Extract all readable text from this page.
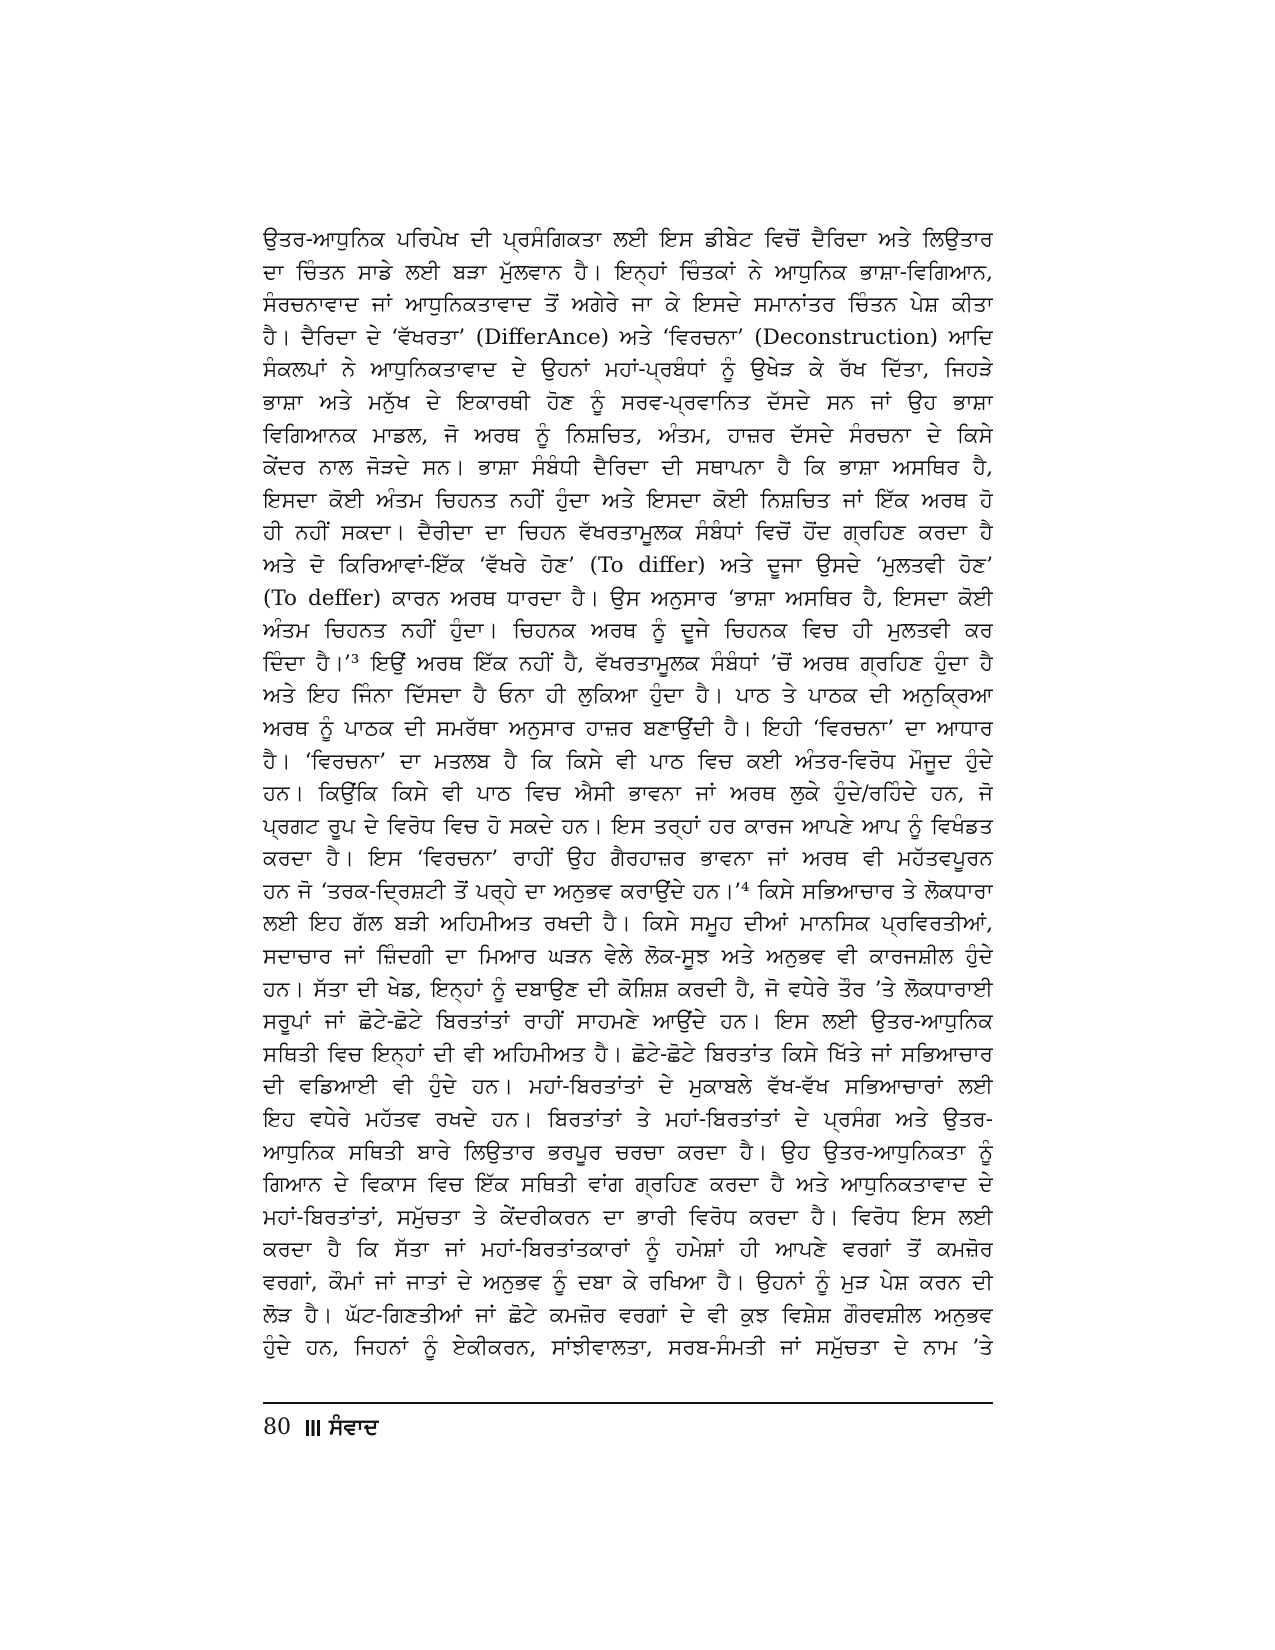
ਉਤਰ-ਆਧੁਨਿਕ ਪਰਿਪੇਖ ਦੀ ਪ੍ਰਸੰਗਿਕਤਾ ਲਈ ਇਸ ਡੀਬੇਟ ਵਿਚੋਂ ਦੈਰਿਦਾ ਅਤੇ ਲਿਉਤਾਰ
ਦਾ ਚਿੰਤਨ ਸਾਡੇ ਲਈ ਬੜਾ ਮੁੱਲਵਾਨ ਹੈ। ਇਨ੍ਹਾਂ ਚਿੰਤਕਾਂ ਨੇ ਆਧੁਨਿਕ ਭਾਸ਼ਾ-ਵਿਗਿਆਨ,
ਸੰਰਚਨਾਵਾਦ ਜਾਂ ਆਧੁਨਿਕਤਾਵਾਦ ਤੋਂ ਅਗੇਰੇ ਜਾ ਕੇ ਇਸਦੇ ਸਮਾਨਾਂਤਰ ਚਿੰਤਨ ਪੇਸ਼ ਕੀਤਾ
ਹੈ। ਦੈਰਿਦਾ ਦੇ ‘ਵੱਖਰਤਾ’ (DifferAnce) ਅਤੇ ‘ਵਿਰਚਨਾ’ (Deconstruction) ਆਦਿ
ਸੰਕਲਪਾਂ ਨੇ ਆਧੁਨਿਕਤਾਵਾਦ ਦੇ ਉਹਨਾਂ ਮਹਾਂ-ਪ੍ਰਬੰਧਾਂ ਨੂੰ ਉਖੇੜ ਕੇ ਰੱਖ ਦਿੱਤਾ, ਜਿਹੜੇ
ਭਾਸ਼ਾ ਅਤੇ ਮਨੁੱਖ ਦੇ ਇਕਾਰਥੀ ਹੋਣ ਨੂੰ ਸਰਵ-ਪ੍ਰਵਾਨਿਤ ਦੱਸਦੇ ਸਨ ਜਾਂ ਉਹ ਭਾਸ਼ਾ
ਵਿਗਿਆਨਕ ਮਾਡਲ, ਜੋ ਅਰਥ ਨੂੰ ਨਿਸ਼ਚਿਤ, ਅੰਤਮ, ਹਾਜ਼ਰ ਦੱਸਦੇ ਸੰਰਚਨਾ ਦੇ ਕਿਸੇ
ਕੇਂਦਰ ਨਾਲ ਜੋੜਦੇ ਸਨ। ਭਾਸ਼ਾ ਸੰਬੰਧੀ ਦੈਰਿਦਾ ਦੀ ਸਥਾਪਨਾ ਹੈ ਕਿ ਭਾਸ਼ਾ ਅਸਥਿਰ ਹੈ,
ਇਸਦਾ ਕੋਈ ਅੰਤਮ ਚਿਹਨਤ ਨਹੀਂ ਹੁੰਦਾ ਅਤੇ ਇਸਦਾ ਕੋਈ ਨਿਸ਼ਚਿਤ ਜਾਂ ਇੱਕ ਅਰਥ ਹੋ
ਹੀ ਨਹੀਂ ਸਕਦਾ। ਦੈਰੀਦਾ ਦਾ ਚਿਹਨ ਵੱਖਰਤਾਮੂਲਕ ਸੰਬੰਧਾਂ ਵਿਚੋਂ ਹੋਂਦ ਗ੍ਰਹਿਣ ਕਰਦਾ ਹੈ
ਅਤੇ ਦੋ ਕਿਰਿਆਵਾਂ-ਇੱਕ ‘ਵੱਖਰੇ ਹੋਣ’ (To differ) ਅਤੇ ਦੂਜਾ ਉਸਦੇ ‘ਮੁਲਤਵੀ ਹੋਣ’
(To deffer) ਕਾਰਨ ਅਰਥ ਧਾਰਦਾ ਹੈ। ਉਸ ਅਨੁਸਾਰ ‘ਭਾਸ਼ਾ ਅਸਥਿਰ ਹੈ, ਇਸਦਾ ਕੋਈ
ਅੰਤਮ ਚਿਹਨਤ ਨਹੀਂ ਹੁੰਦਾ। ਚਿਹਨਕ ਅਰਥ ਨੂੰ ਦੂਜੇ ਚਿਹਨਕ ਵਿਚ ਹੀ ਮੁਲਤਵੀ ਕਰ
ਦਿੰਦਾ ਹੈ।’³ ਇਉਂ ਅਰਥ ਇੱਕ ਨਹੀਂ ਹੈ, ਵੱਖਰਤਾਮੂਲਕ ਸੰਬੰਧਾਂ ’ਚੋਂ ਅਰਥ ਗ੍ਰਹਿਣ ਹੁੰਦਾ ਹੈ
ਅਤੇ ਇਹ ਜਿੰਨਾ ਦਿੱਸਦਾ ਹੈ ਓਨਾ ਹੀ ਲੁਕਿਆ ਹੁੰਦਾ ਹੈ। ਪਾਠ ਤੇ ਪਾਠਕ ਦੀ ਅਨੁਕ੍ਰਿਆ
ਅਰਥ ਨੂੰ ਪਾਠਕ ਦੀ ਸਮਰੱਥਾ ਅਨੁਸਾਰ ਹਾਜ਼ਰ ਬਣਾਉਂਦੀ ਹੈ। ਇਹੀ ‘ਵਿਰਚਨਾ’ ਦਾ ਆਧਾਰ
ਹੈ। ‘ਵਿਰਚਨਾ’ ਦਾ ਮਤਲਬ ਹੈ ਕਿ ਕਿਸੇ ਵੀ ਪਾਠ ਵਿਚ ਕਈ ਅੰਤਰ-ਵਿਰੋਧ ਮੌਜੂਦ ਹੁੰਦੇ
ਹਨ। ਕਿਉਂਕਿ ਕਿਸੇ ਵੀ ਪਾਠ ਵਿਚ ਐਸੀ ਭਾਵਨਾ ਜਾਂ ਅਰਥ ਲੁਕੇ ਹੁੰਦੇ/ਰਹਿੰਦੇ ਹਨ, ਜੋ
ਪ੍ਰਗਟ ਰੂਪ ਦੇ ਵਿਰੋਧ ਵਿਚ ਹੋ ਸਕਦੇ ਹਨ। ਇਸ ਤਰ੍ਹਾਂ ਹਰ ਕਾਰਜ ਆਪਣੇ ਆਪ ਨੂੰ ਵਿਖੰਡਤ
ਕਰਦਾ ਹੈ। ਇਸ ‘ਵਿਰਚਨਾ’ ਰਾਹੀਂ ਉਹ ਗੈਰਹਾਜ਼ਰ ਭਾਵਨਾ ਜਾਂ ਅਰਥ ਵੀ ਮਹੱਤਵਪੂਰਨ
ਹਨ ਜੋ ‘ਤਰਕ-ਦ੍ਰਿਸ਼ਟੀ ਤੋਂ ਪਰ੍ਹੇ ਦਾ ਅਨੁਭਵ ਕਰਾਉਂਦੇ ਹਨ।’⁴ ਕਿਸੇ ਸਭਿਆਚਾਰ ਤੇ ਲੋਕਧਾਰਾ
ਲਈ ਇਹ ਗੱਲ ਬੜੀ ਅਹਿਮੀਅਤ ਰਖਦੀ ਹੈ। ਕਿਸੇ ਸਮੂਹ ਦੀਆਂ ਮਾਨਸਿਕ ਪ੍ਰਵਿਰਤੀਆਂ,
ਸਦਾਚਾਰ ਜਾਂ ਜ਼ਿੰਦਗੀ ਦਾ ਮਿਆਰ ਘੜਨ ਵੇਲੇ ਲੋਕ-ਸੂਝ ਅਤੇ ਅਨੁਭਵ ਵੀ ਕਾਰਜਸ਼ੀਲ ਹੁੰਦੇ
ਹਨ। ਸੱਤਾ ਦੀ ਖੇਡ, ਇਨ੍ਹਾਂ ਨੂੰ ਦਬਾਉਣ ਦੀ ਕੋਸ਼ਿਸ਼ ਕਰਦੀ ਹੈ, ਜੋ ਵਧੇਰੇ ਤੌਰ ’ਤੇ ਲੋਕਧਾਰਾਈ
ਸਰੂਪਾਂ ਜਾਂ ਛੋਟੇ-ਛੋਟੇ ਬਿਰਤਾਂਤਾਂ ਰਾਹੀਂ ਸਾਹਮਣੇ ਆਉਂਦੇ ਹਨ। ਇਸ ਲਈ ਉਤਰ-ਆਧੁਨਿਕ
ਸਥਿਤੀ ਵਿਚ ਇਨ੍ਹਾਂ ਦੀ ਵੀ ਅਹਿਮੀਅਤ ਹੈ। ਛੋਟੇ-ਛੋਟੇ ਬਿਰਤਾਂਤ ਕਿਸੇ ਖਿੱਤੇ ਜਾਂ ਸਭਿਆਚਾਰ
ਦੀ ਵਡਿਆਈ ਵੀ ਹੁੰਦੇ ਹਨ। ਮਹਾਂ-ਬਿਰਤਾਂਤਾਂ ਦੇ ਮੁਕਾਬਲੇ ਵੱਖ-ਵੱਖ ਸਭਿਆਚਾਰਾਂ ਲਈ
ਇਹ ਵਧੇਰੇ ਮਹੱਤਵ ਰਖਦੇ ਹਨ। ਬਿਰਤਾਂਤਾਂ ਤੇ ਮਹਾਂ-ਬਿਰਤਾਂਤਾਂ ਦੇ ਪ੍ਰਸੰਗ ਅਤੇ ਉਤਰ-
ਆਧੁਨਿਕ ਸਥਿਤੀ ਬਾਰੇ ਲਿਉਤਾਰ ਭਰਪੂਰ ਚਰਚਾ ਕਰਦਾ ਹੈ। ਉਹ ਉਤਰ-ਆਧੁਨਿਕਤਾ ਨੂੰ
ਗਿਆਨ ਦੇ ਵਿਕਾਸ ਵਿਚ ਇੱਕ ਸਥਿਤੀ ਵਾਂਗ ਗ੍ਰਹਿਣ ਕਰਦਾ ਹੈ ਅਤੇ ਆਧੁਨਿਕਤਾਵਾਦ ਦੇ
ਮਹਾਂ-ਬਿਰਤਾਂਤਾਂ, ਸਮੁੱਚਤਾ ਤੇ ਕੇਂਦਰੀਕਰਨ ਦਾ ਭਾਰੀ ਵਿਰੋਧ ਕਰਦਾ ਹੈ। ਵਿਰੋਧ ਇਸ ਲਈ
ਕਰਦਾ ਹੈ ਕਿ ਸੱਤਾ ਜਾਂ ਮਹਾਂ-ਬਿਰਤਾਂਤਕਾਰਾਂ ਨੂੰ ਹਮੇਸ਼ਾਂ ਹੀ ਆਪਣੇ ਵਰਗਾਂ ਤੋਂ ਕਮਜ਼ੋਰ
ਵਰਗਾਂ, ਕੌਮਾਂ ਜਾਂ ਜਾਤਾਂ ਦੇ ਅਨੁਭਵ ਨੂੰ ਦਬਾ ਕੇ ਰਖਿਆ ਹੈ। ਉਹਨਾਂ ਨੂੰ ਮੁੜ ਪੇਸ਼ ਕਰਨ ਦੀ
ਲੋੜ ਹੈ। ਘੱਟ-ਗਿਣਤੀਆਂ ਜਾਂ ਛੋਟੇ ਕਮਜ਼ੋਰ ਵਰਗਾਂ ਦੇ ਵੀ ਕੁਝ ਵਿਸ਼ੇਸ਼ ਗੌਰਵਸ਼ੀਲ ਅਨੁਭਵ
ਹੁੰਦੇ ਹਨ, ਜਿਹਨਾਂ ਨੂੰ ਏਕੀਕਰਨ, ਸਾਂਝੀਵਾਲਤਾ, ਸਰਬ-ਸੰਮਤੀ ਜਾਂ ਸਮੁੱਚਤਾ ਦੇ ਨਾਮ ’ਤੇ
80 ਸੰਵਾਦ
